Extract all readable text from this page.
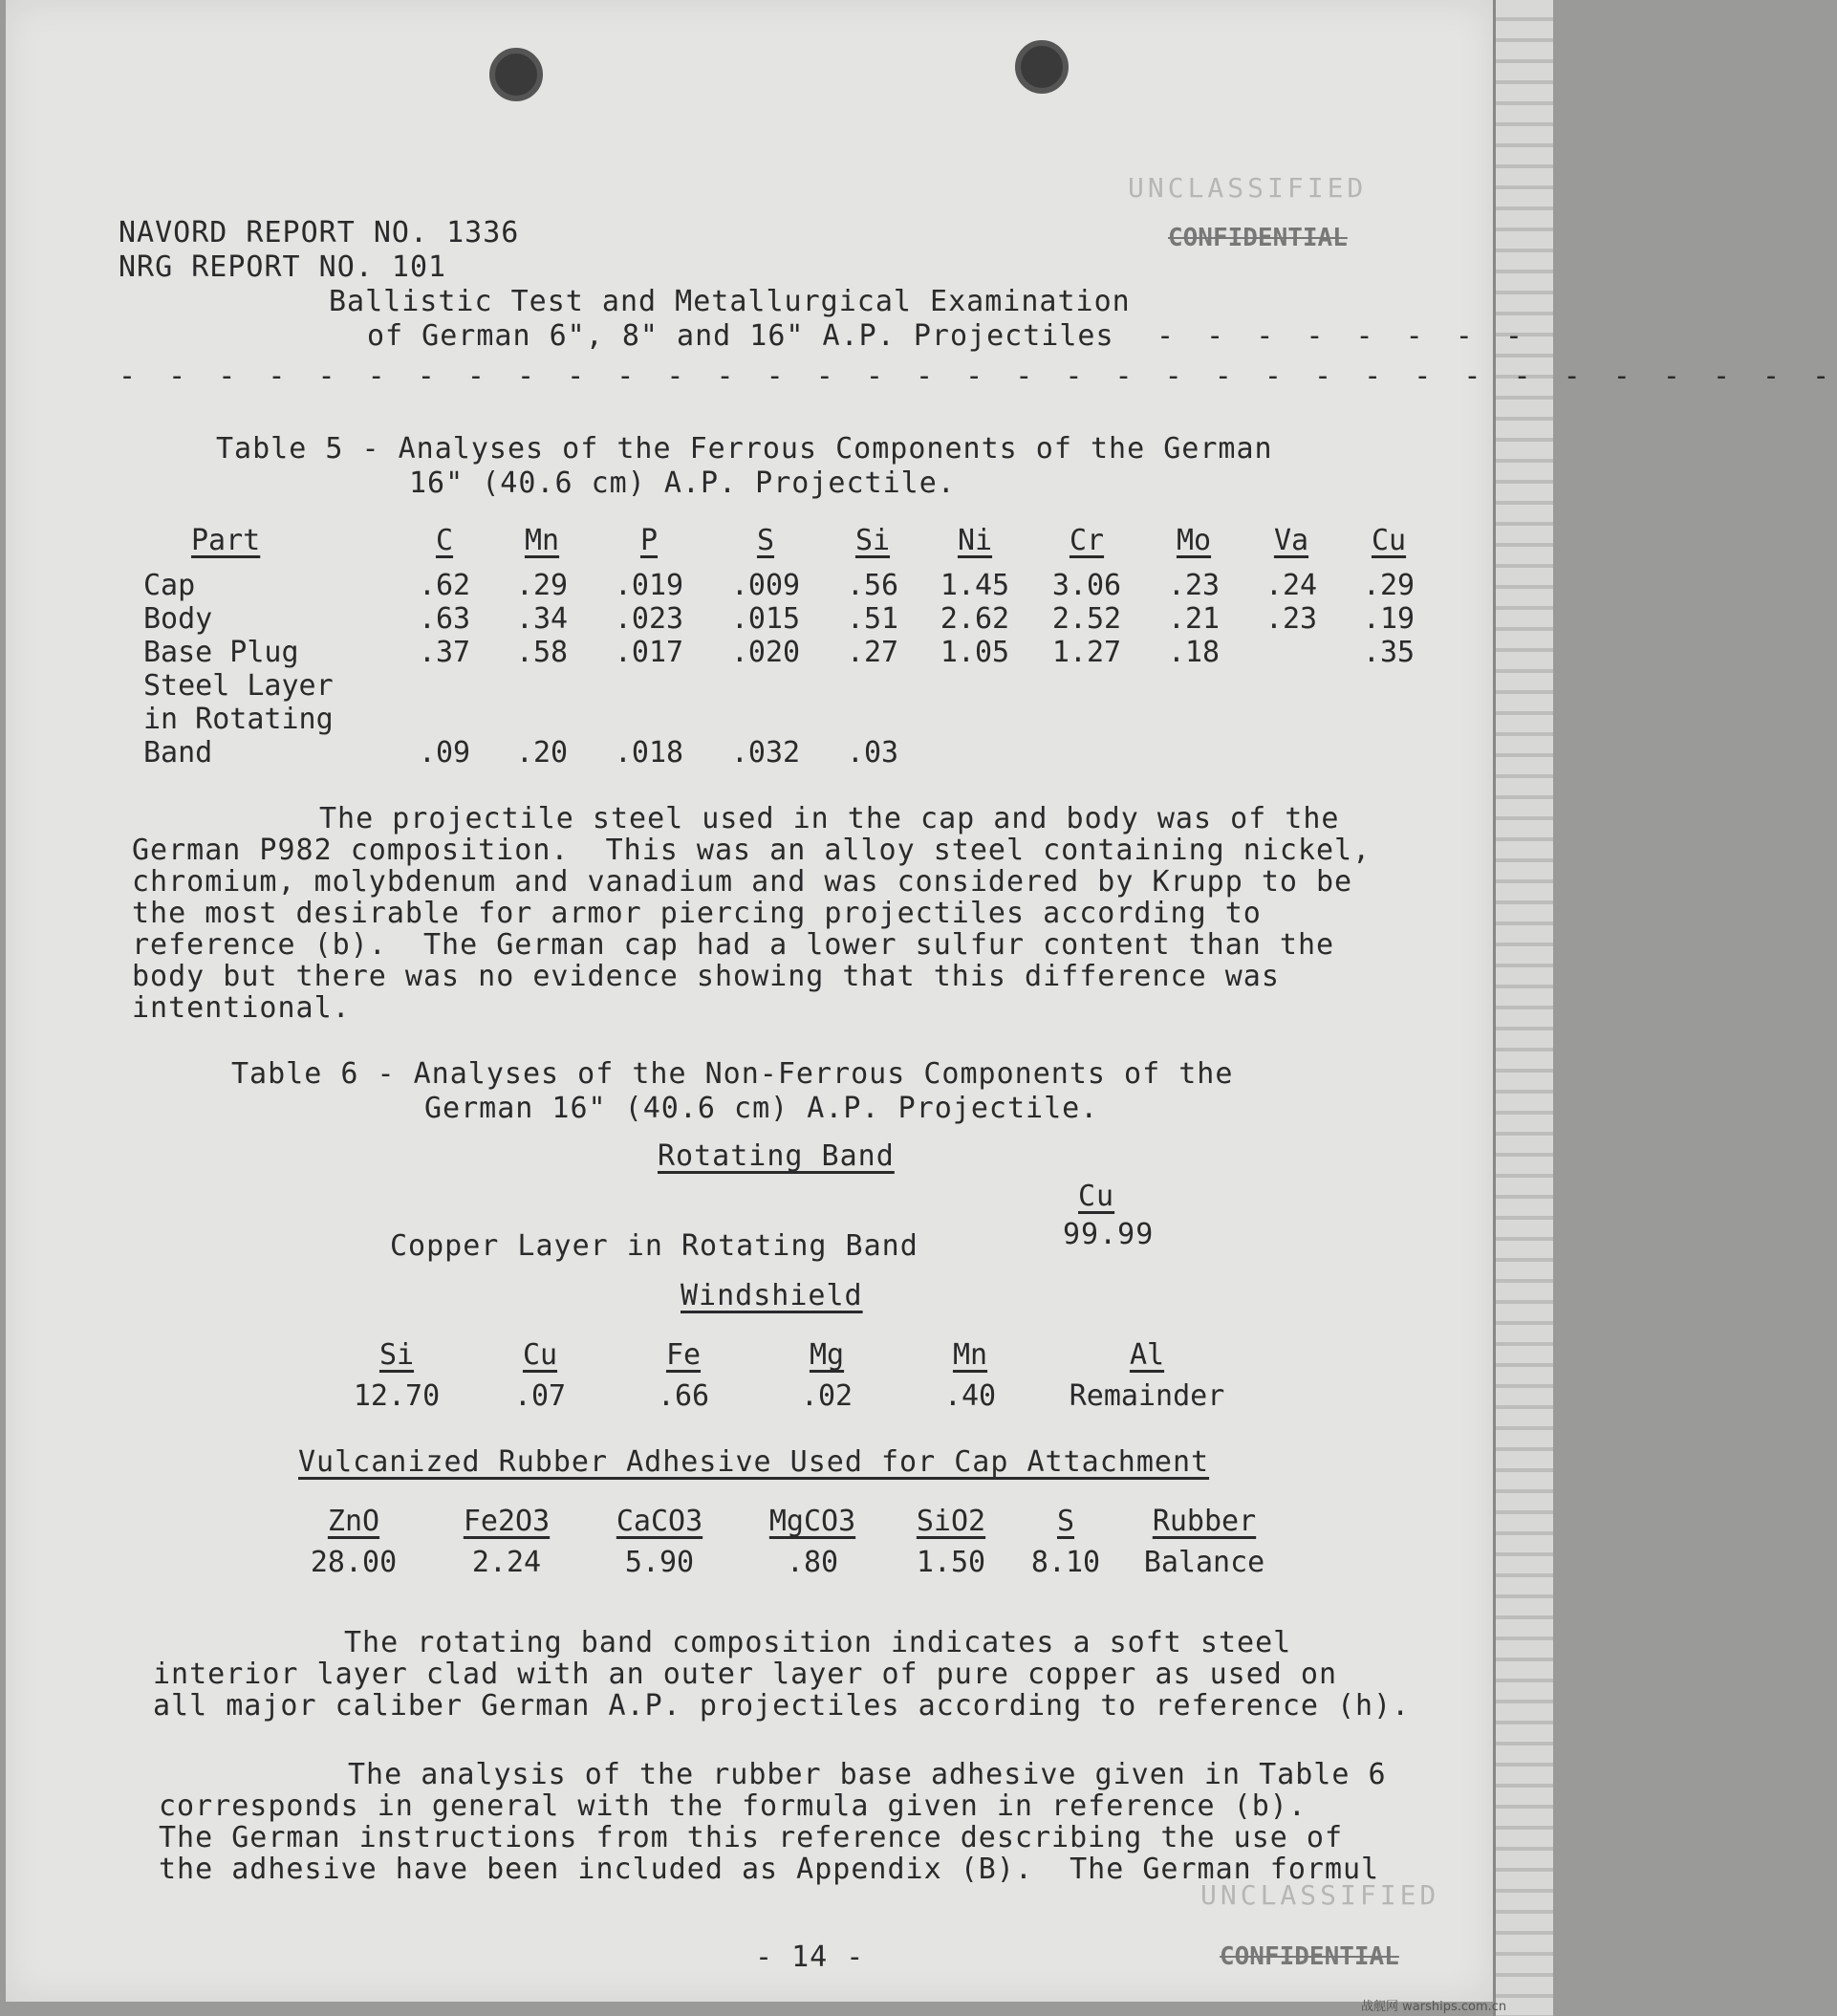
NAVORD REPORT NO. 1336
NRG REPORT NO. 101
UNCLASSIFIED
CONFIDENTIAL
Ballistic Test and Metallurgical Examination
of German 6", 8" and 16" A.P. Projectiles - - - - - - - -
- - - - - - - - - - - - - - - - - - - - - - - - - - - - - - - - - - -
Table 5 - Analyses of the Ferrous Components of the German
16" (40.6 cm) A.P. Projectile.
Part	C	Mn	P	S	Si	Ni	Cr	Mo	Va	Cu
Cap	.62	.29	.019	.009	.56	1.45	3.06	.23	.24	.29
Body	.63	.34	.023	.015	.51	2.62	2.52	.21	.23	.19
Base Plug	.37	.58	.017	.020	.27	1.05	1.27	.18		.35
Steel Layer										
in Rotating										
Band	.09	.20	.018	.032	.03					
The projectile steel used in the cap and body was of the
German P982 composition.  This was an alloy steel containing nickel,
chromium, molybdenum and vanadium and was considered by Krupp to be
the most desirable for armor piercing projectiles according to
reference (b).  The German cap had a lower sulfur content than the
body but there was no evidence showing that this difference was
intentional.
Table 6 - Analyses of the Non-Ferrous Components of the
German 16" (40.6 cm) A.P. Projectile.
Rotating Band
Cu
Copper Layer in Rotating Band	99.99
Windshield
Si	Cu	Fe	Mg	Mn	Al
12.70	.07	.66	.02	.40	Remainder
Vulcanized Rubber Adhesive Used for Cap Attachment
ZnO	Fe2O3	CaCO3	MgCO3	SiO2	S	Rubber
28.00	2.24	5.90	.80	1.50	8.10	Balance
The rotating band composition indicates a soft steel
interior layer clad with an outer layer of pure copper as used on
all major caliber German A.P. projectiles according to reference (h).
The analysis of the rubber base adhesive given in Table 6
corresponds in general with the formula given in reference (b).
The German instructions from this reference describing the use of
the adhesive have been included as Appendix (B).  The German formul
UNCLASSIFIED
- 14 -	CONFIDENTIAL
战舰网 warships.com.cn
